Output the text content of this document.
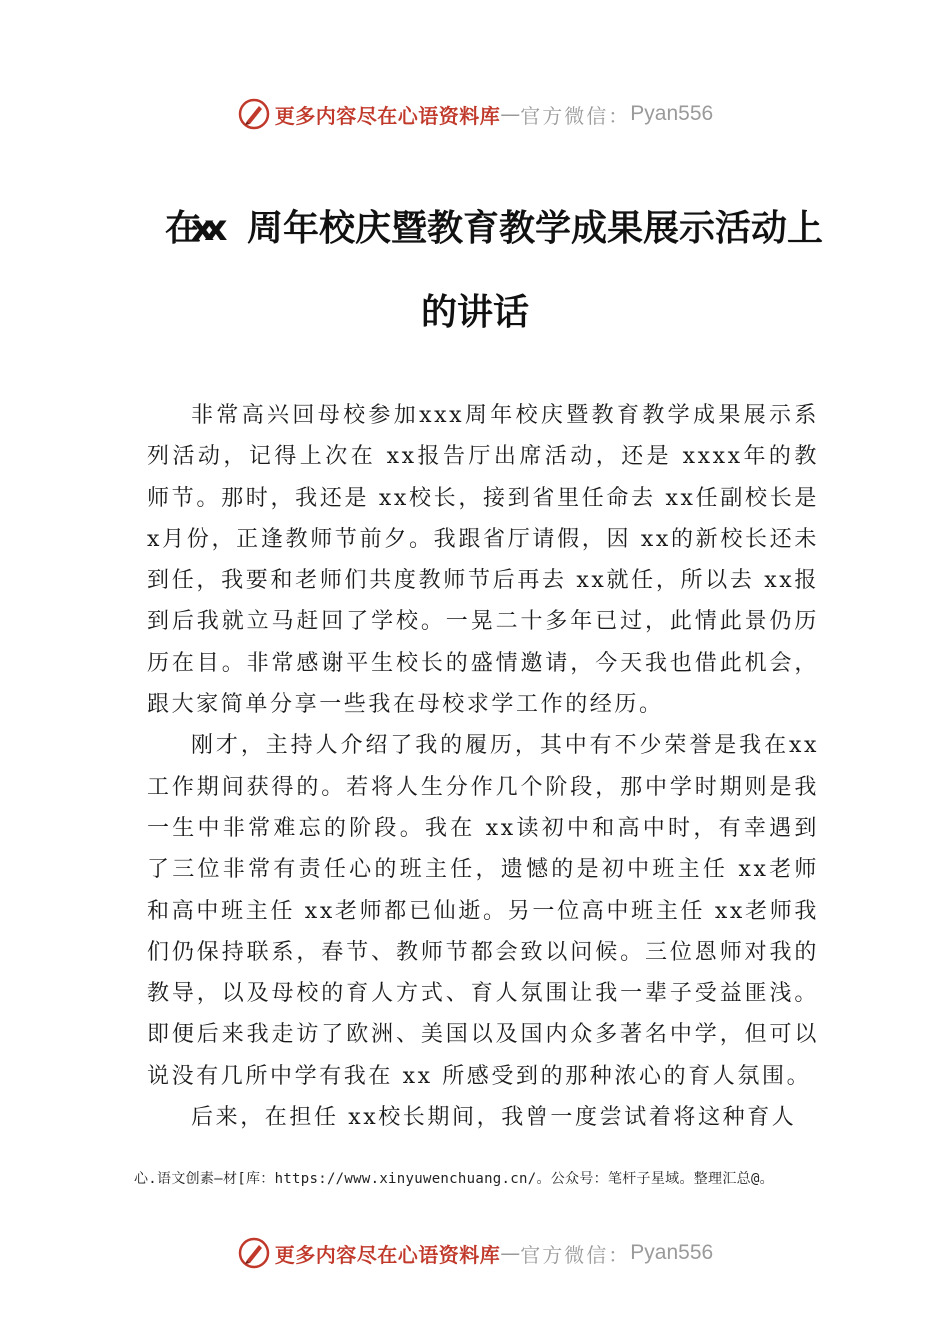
更多内容尽在心语资料库 — 官方微信： Pyan556
在xx 周年校庆暨教育教学成果展示活动上
的讲话

非常高兴回母校参加xxx周年校庆暨教育教学成果展示系列活动，记得上次在 xx报告厅出席活动，还是 xxxx年的教师节。那时，我还是 xx校长，接到省里任命去 xx任副校长是x月份，正逢教师节前夕。我跟省厅请假，因 xx的新校长还未到任，我要和老师们共度教师节后再去 xx就任，所以去 xx报到后我就立马赶回了学校。一晃二十多年已过，此情此景仍历历在目。非常感谢平生校长的盛情邀请，今天我也借此机会，跟大家简单分享一些我在母校求学工作的经历。

刚才，主持人介绍了我的履历，其中有不少荣誉是我在xx工作期间获得的。若将人生分作几个阶段，那中学时期则是我一生中非常难忘的阶段。我在 xx读初中和高中时，有幸遇到了三位非常有责任心的班主任，遗憾的是初中班主任 xx老师和高中班主任 xx老师都已仙逝。另一位高中班主任 xx老师我们仍保持联系，春节、教师节都会致以问候。三位恩师对我的教导，以及母校的育人方式、育人氛围让我一辈子受益匪浅。即便后来我走访了欧洲、美国以及国内众多著名中学，但可以说没有几所中学有我在 xx 所感受到的那种浓心的育人氛围。

后来，在担任 xx校长期间，我曾一度尝试着将这种育人

心.语文创素—材[库：https://www.xinyuwenchuang.cn/。公众号：笔杆子星域。整理汇总@。
更多内容尽在心语资料库 — 官方微信： Pyan556
